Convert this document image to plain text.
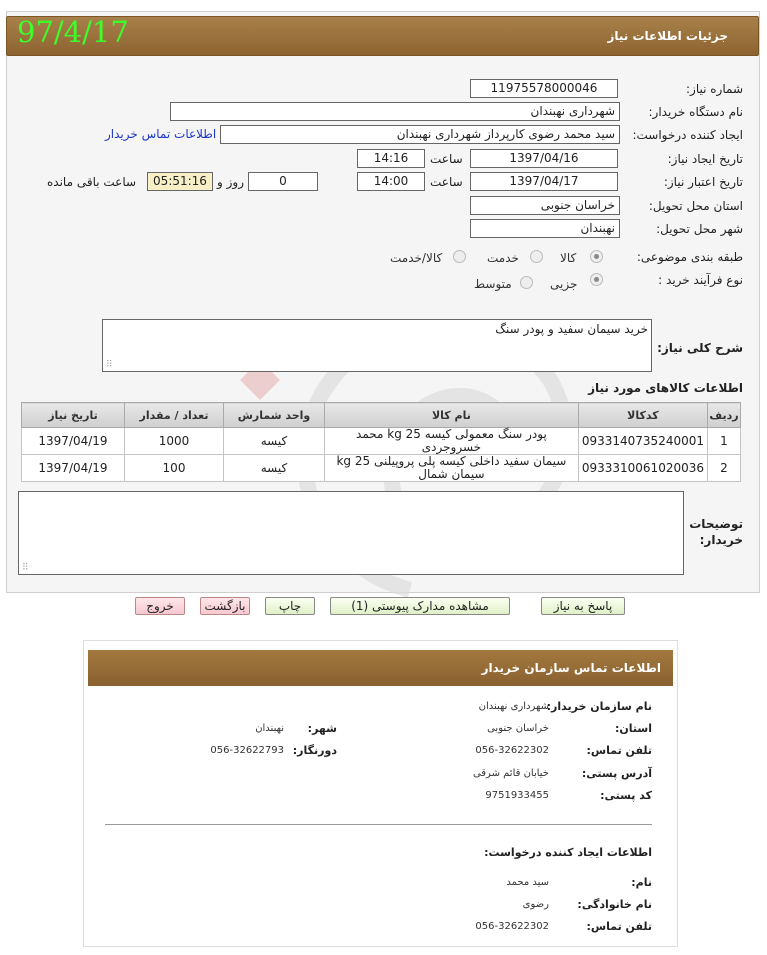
جزئیات اطلاعات نیاز
97/4/17
شماره نیاز:
11975578000046
نام دستگاه خریدار:
شهرداری نهبندان
ایجاد کننده درخواست:
سید محمد رضوی کارپرداز شهرداری نهبندان
اطلاعات تماس خریدار
تاریخ ایجاد نیاز:
1397/04/16
ساعت
14:16
تاریخ اعتبار نیاز:
1397/04/17
ساعت
14:00
0
روز و
05:51:16
ساعت باقی مانده
استان محل تحویل:
خراسان جنوبی
شهر محل تحویل:
نهبندان
طبقه بندی موضوعی:
کالا
خدمت
کالا/خدمت
نوع فرآیند خرید :
جزیی
متوسط
شرح کلی نیاز:
خرید سیمان سفید و پودر سنگ
⠿
اطلاعات کالاهای مورد نیاز
ردیف	کدکالا	نام کالا	واحد شمارش	تعداد / مقدار	تاریخ نیاز
1	0933140735240001	پودر سنگ معمولی کیسه 25 kg محمد خسروجردی	کیسه	1000	1397/04/19
2	0933310061020036	سیمان سفید داخلی کیسه پلی پروپیلنی 25 kg سیمان شمال	کیسه	100	1397/04/19
توضیحات
خریدار:
⠿
پاسخ به نیاز
مشاهده مدارک پیوستی (1)
چاپ
بازگشت
خروج
اطلاعات تماس سازمان خریدار
نام سازمان خریدار:
شهرداری نهبندان
استان:
خراسان جنوبی
شهر:
نهبندان
تلفن تماس:
056-32622302
دورنگار:
056-32622793
آدرس پستی:
خیابان قائم شرقی
کد پستی:
9751933455
اطلاعات ایجاد کننده درخواست:
نام:
سید محمد
نام خانوادگی:
رضوی
تلفن تماس:
056-32622302
